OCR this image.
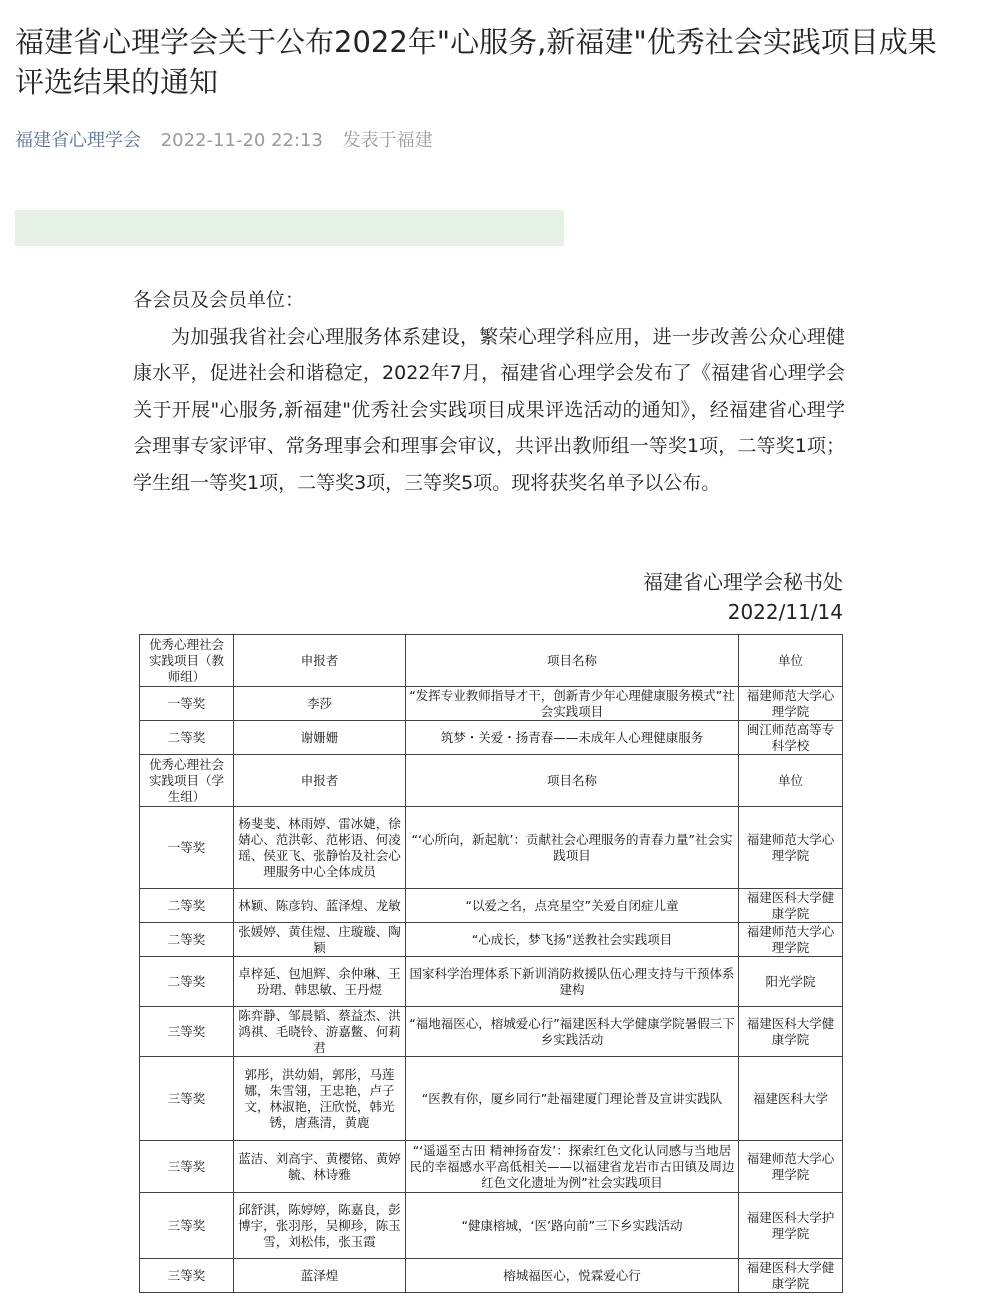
福建省心理学会关于公布2022年"心服务,新福建"优秀社会实践项目成果评选结果的通知
福建省心理学会 2022-11-20 22:13 发表于福建

各会员及会员单位：

为加强我省社会心理服务体系建设，繁荣心理学科应用，进一步改善公众心理健康水平，促进社会和谐稳定，2022年7月，福建省心理学会发布了《福建省心理学会关于开展"心服务,新福建"优秀社会实践项目成果评选活动的通知》，经福建省心理学会理事专家评审、常务理事会和理事会审议，共评出教师组一等奖1项，二等奖1项；学生组一等奖1项，二等奖3项，三等奖5项。现将获奖名单予以公布。

福建省心理学会秘书处
2022/11/14
优秀心理社会实践项目（教师组）	申报者	项目名称	单位
一等奖	李莎	“发挥专业教师指导才干，创新青少年心理健康服务模式”社会实践项目	福建师范大学心理学院
二等奖	谢姗姗	筑梦・关爱・扬青春——未成年人心理健康服务	闽江师范高等专科学校
优秀心理社会实践项目（学生组）	申报者	项目名称	单位
一等奖	杨斐斐、林雨婷、雷冰婕，徐婧心、范洪彰、范彬语、何凌瑶、侯亚飞、张静怡及社会心理服务中心全体成员	“‘心所向，新起航’：贡献社会心理服务的青春力量”社会实践项目	福建师范大学心理学院
二等奖	林颖、陈彦钧、蓝泽煌、龙敏	“以爱之名，点亮星空”关爱自闭症儿童	福建医科大学健康学院
二等奖	张媛婷、黄佳煜、庄璇璇、陶颖	“心成长，梦飞扬”送教社会实践项目	福建师范大学心理学院
二等奖	卓梓延、包旭辉、余仲琳、王玢珺、韩思敏、王丹煜	国家科学治理体系下新训消防救援队伍心理支持与干预体系建构	阳光学院
三等奖	陈弈静、邹晨韬、蔡益杰、洪鸿祺、毛晓铃、游嘉鳖、何莉君	“福地福医心，榕城爱心行”福建医科大学健康学院暑假三下乡实践活动	福建医科大学健康学院
三等奖	郭彤，洪幼娟，郭彤，马莲娜，朱雪翎，王忠艳，卢子文，林淑艳，汪欣悦，韩光锈，唐燕清，黄鹿	“医教有你，厦乡同行”赴福建厦门理论普及宣讲实践队	福建医科大学
三等奖	蓝洁、刘高宇、黄樱铭、黄婷毓、林诗雅	“‘遥遥至古田 精神扬奋发’：探索红色文化认同感与当地居民的幸福感水平高低相关——以福建省龙岩市古田镇及周边红色文化遗址为例”社会实践项目	福建师范大学心理学院
三等奖	邱舒淇，陈婷婷，陈嘉良，彭博宇，张羽彤，吴柳珍，陈玉雪，刘松伟，张玉霞	“健康榕城，‘医’路向前”三下乡实践活动	福建医科大学护理学院
三等奖	蓝泽煌	榕城福医心，悦霖爱心行	福建医科大学健康学院
